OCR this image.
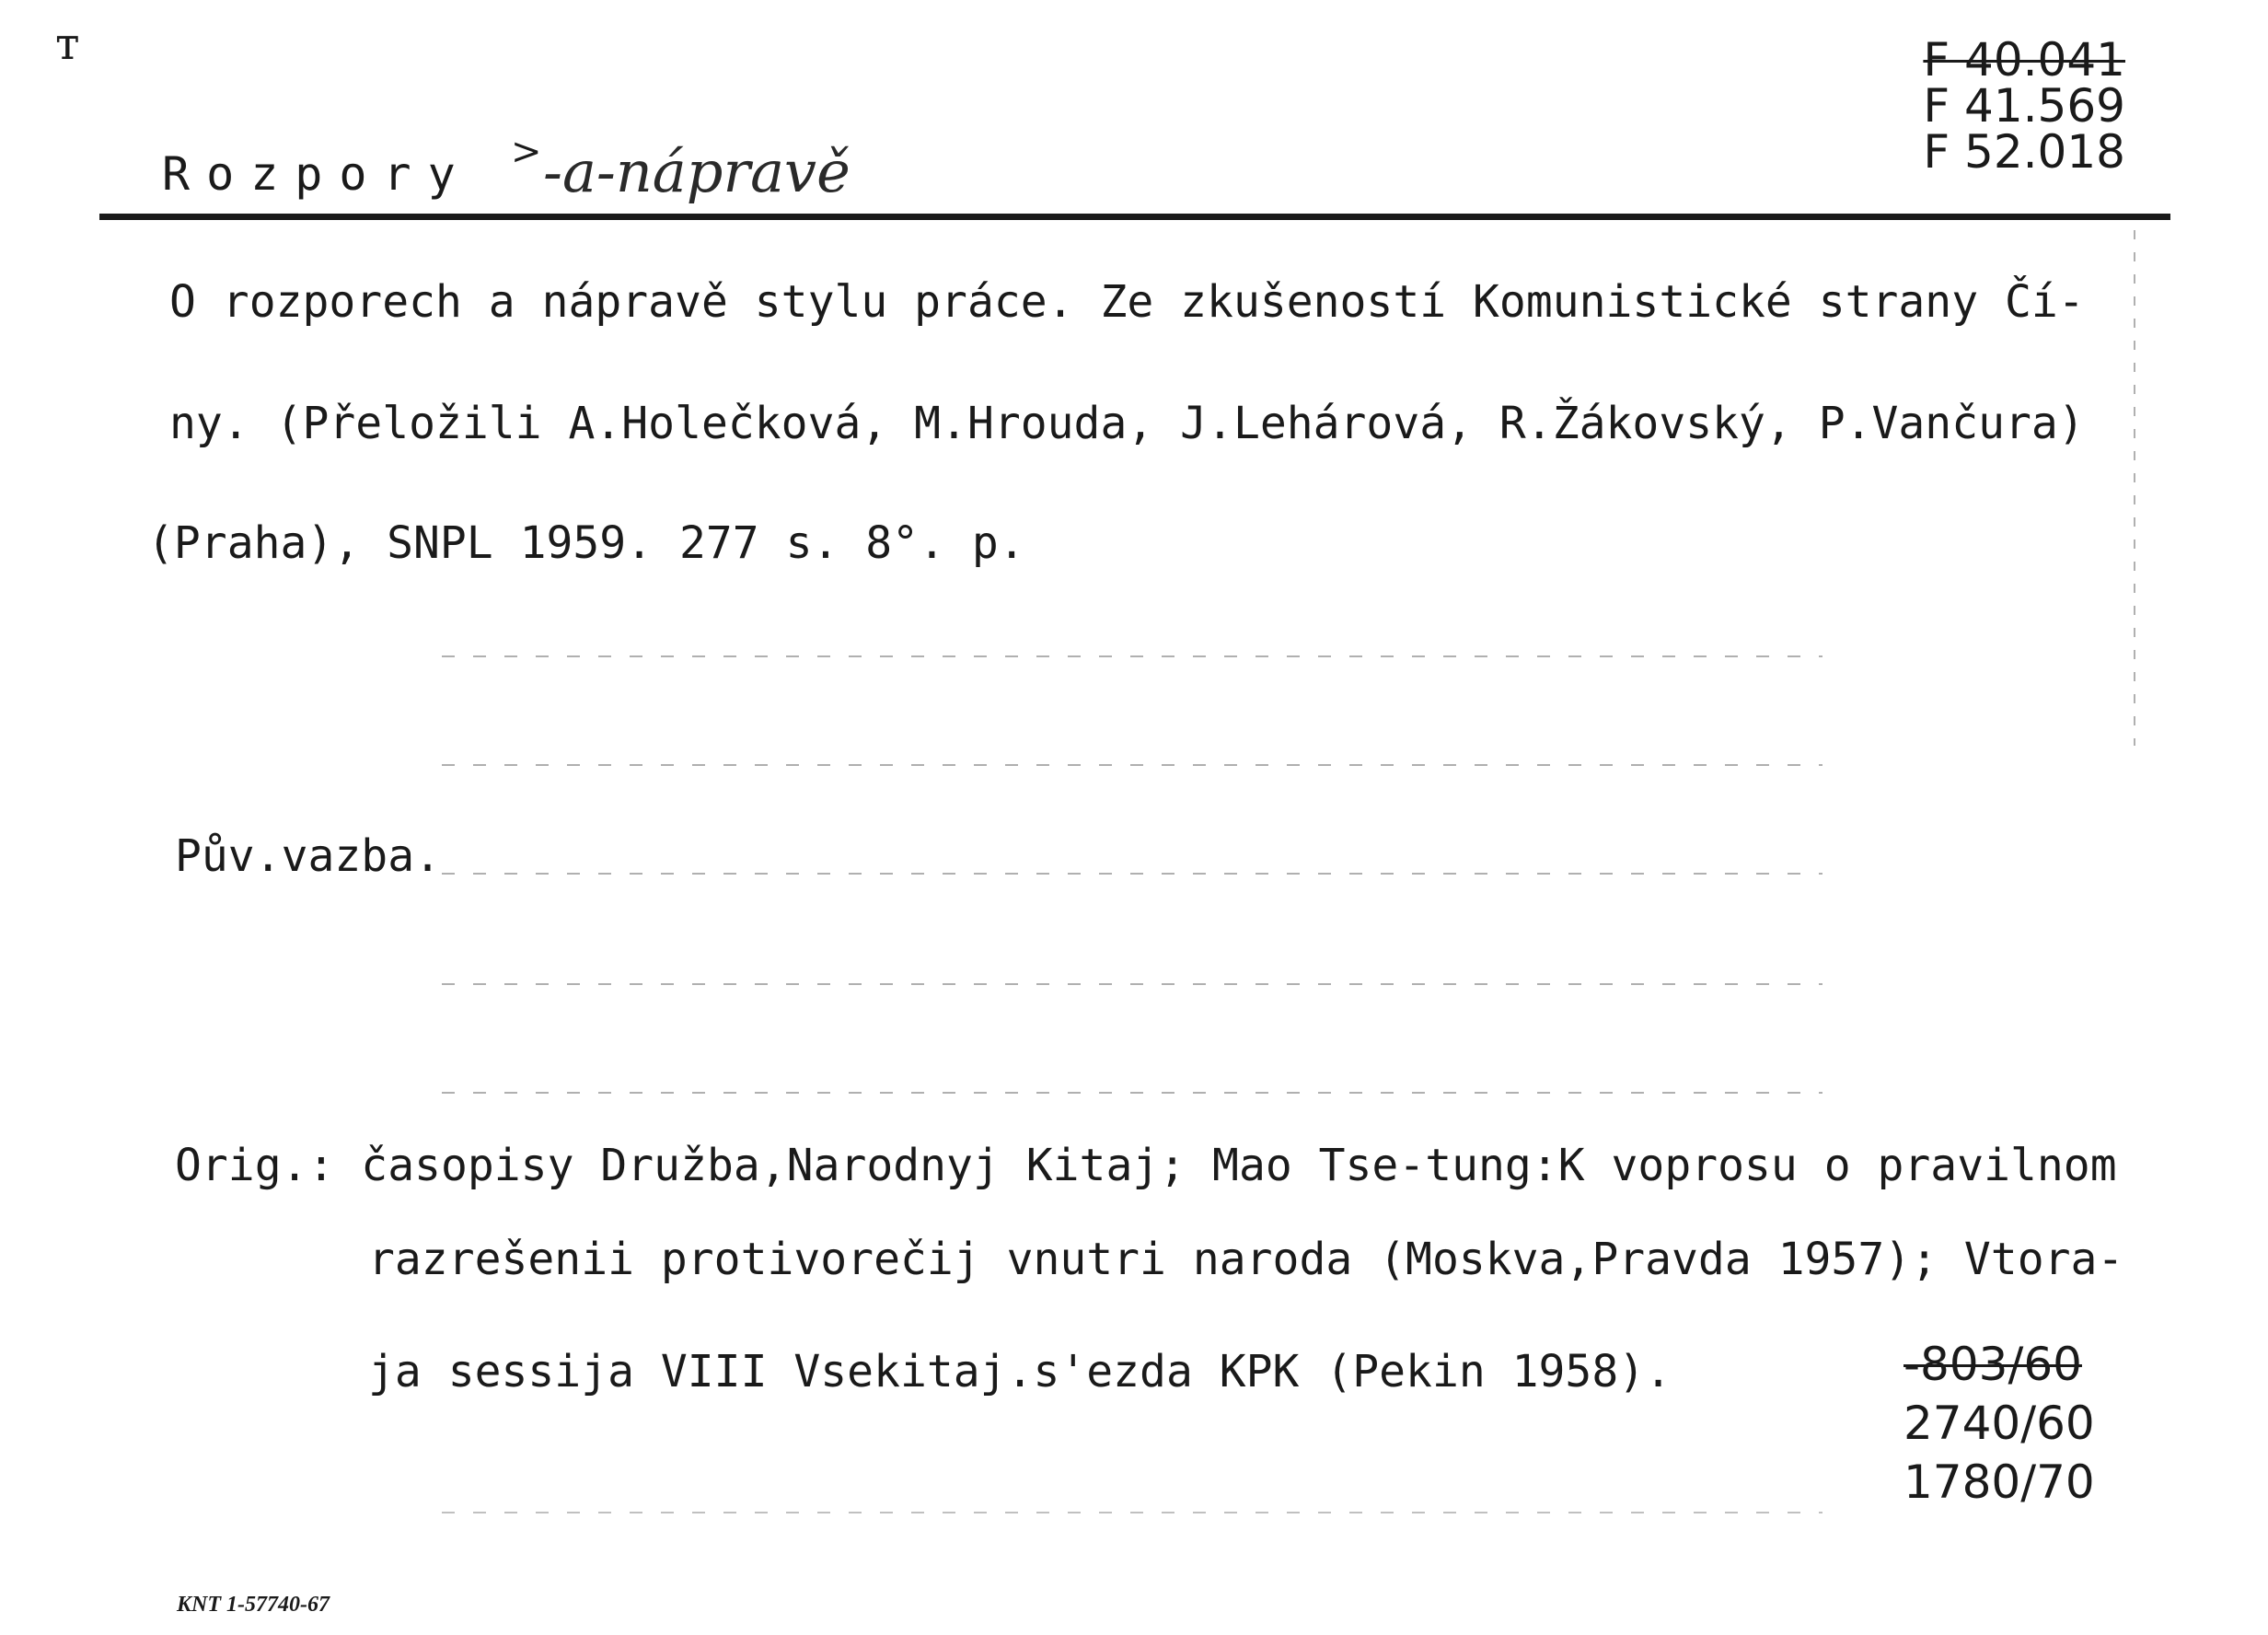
ᴛ
Rozpory > -a-nápravě
F 40.041
F 41.569
F 52.018
O rozporech a nápravě stylu práce. Ze zkušeností Komunistické strany Čí-
ny. (Přeložili A.Holečková, M.Hrouda, J.Lehárová, R.Žákovský, P.Vančura)
(Praha), SNPL 1959. 277 s. 8°. p.
Pův.vazba.
Orig.: časopisy Družba,Narodnyj Kitaj; Mao Tse-tung:K voprosu o pravilnom
razrešenii protivorečij vnutri naroda (Moskva,Pravda 1957); Vtora-
ja sessija VIII Vsekitaj.s'ezda KPK (Pekin 1958).	-803/60
2740/60
1780/70
KNT 1-57740-67
